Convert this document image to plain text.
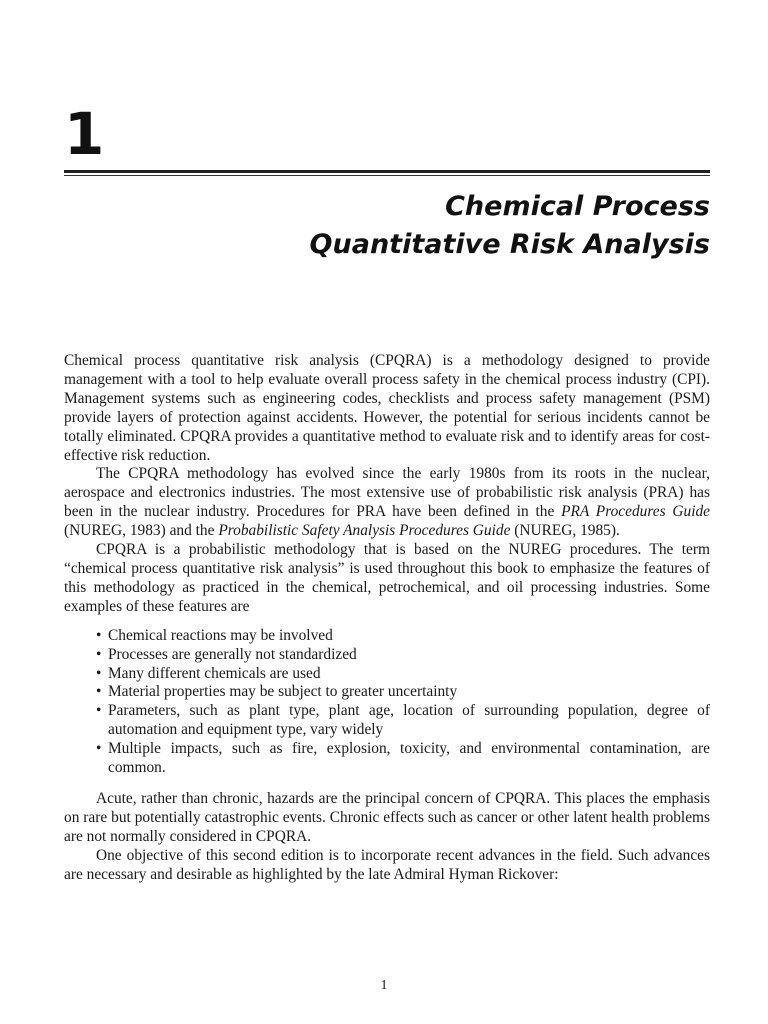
1
Chemical Process
Quantitative Risk Analysis

Chemical process quantitative risk analysis (CPQRA) is a methodology designed to provide management with a tool to help evaluate overall process safety in the chemical process industry (CPI). Management systems such as engineering codes, checklists and process safety management (PSM) provide layers of protection against accidents. However, the potential for serious incidents cannot be totally eliminated. CPQRA provides a quantitative method to evaluate risk and to identify areas for cost-effective risk reduction.

The CPQRA methodology has evolved since the early 1980s from its roots in the nuclear, aerospace and electronics industries. The most extensive use of probabilistic risk analysis (PRA) has been in the nuclear industry. Procedures for PRA have been defined in the PRA Procedures Guide (NUREG, 1983) and the Probabilistic Safety Analysis Procedures Guide (NUREG, 1985).

CPQRA is a probabilistic methodology that is based on the NUREG procedures. The term “chemical process quantitative risk analysis” is used throughout this book to emphasize the features of this methodology as practiced in the chemical, petrochemical, and oil processing industries. Some examples of these features are

• Chemical reactions may be involved
• Processes are generally not standardized
• Many different chemicals are used
• Material properties may be subject to greater uncertainty
• Parameters, such as plant type, plant age, location of surrounding population, degree of automation and equipment type, vary widely
• Multiple impacts, such as fire, explosion, toxicity, and environmental contamination, are common.

Acute, rather than chronic, hazards are the principal concern of CPQRA. This places the emphasis on rare but potentially catastrophic events. Chronic effects such as cancer or other latent health problems are not normally considered in CPQRA.

One objective of this second edition is to incorporate recent advances in the field. Such advances are necessary and desirable as highlighted by the late Admiral Hyman Rickover:

1
